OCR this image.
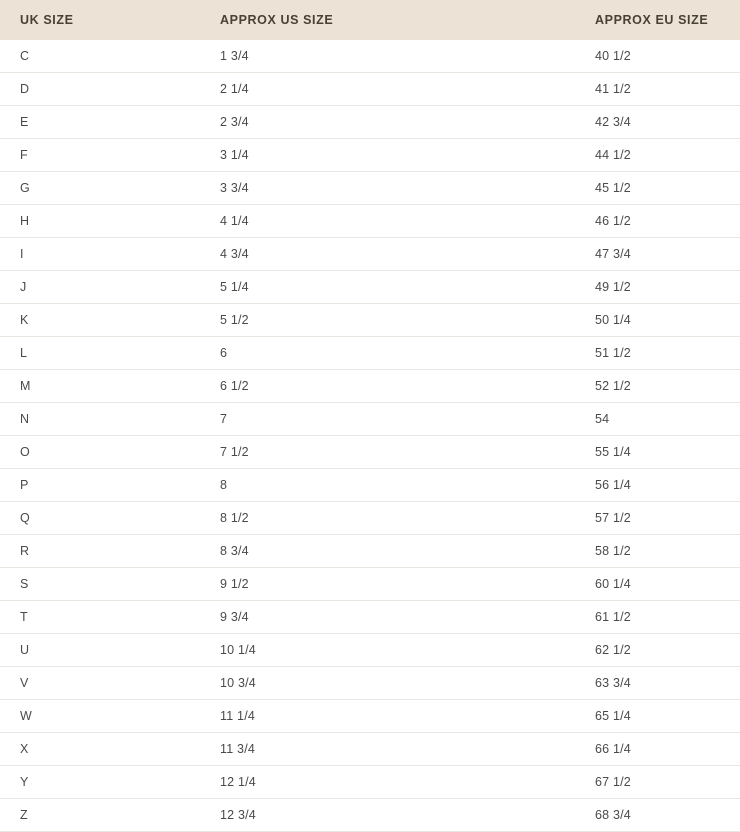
UK SIZE	APPROX US SIZE	APPROX EU SIZE
C	1 3/4	40 1/2
D	2 1/4	41 1/2
E	2 3/4	42 3/4
F	3 1/4	44 1/2
G	3 3/4	45 1/2
H	4 1/4	46 1/2
I	4 3/4	47 3/4
J	5 1/4	49 1/2
K	5 1/2	50 1/4
L	6	51 1/2
M	6 1/2	52 1/2
N	7	54
O	7 1/2	55 1/4
P	8	56 1/4
Q	8 1/2	57 1/2
R	8 3/4	58 1/2
S	9 1/2	60 1/4
T	9 3/4	61 1/2
U	10 1/4	62 1/2
V	10 3/4	63 3/4
W	11 1/4	65 1/4
X	11 3/4	66 1/4
Y	12 1/4	67 1/2
Z	12 3/4	68 3/4
